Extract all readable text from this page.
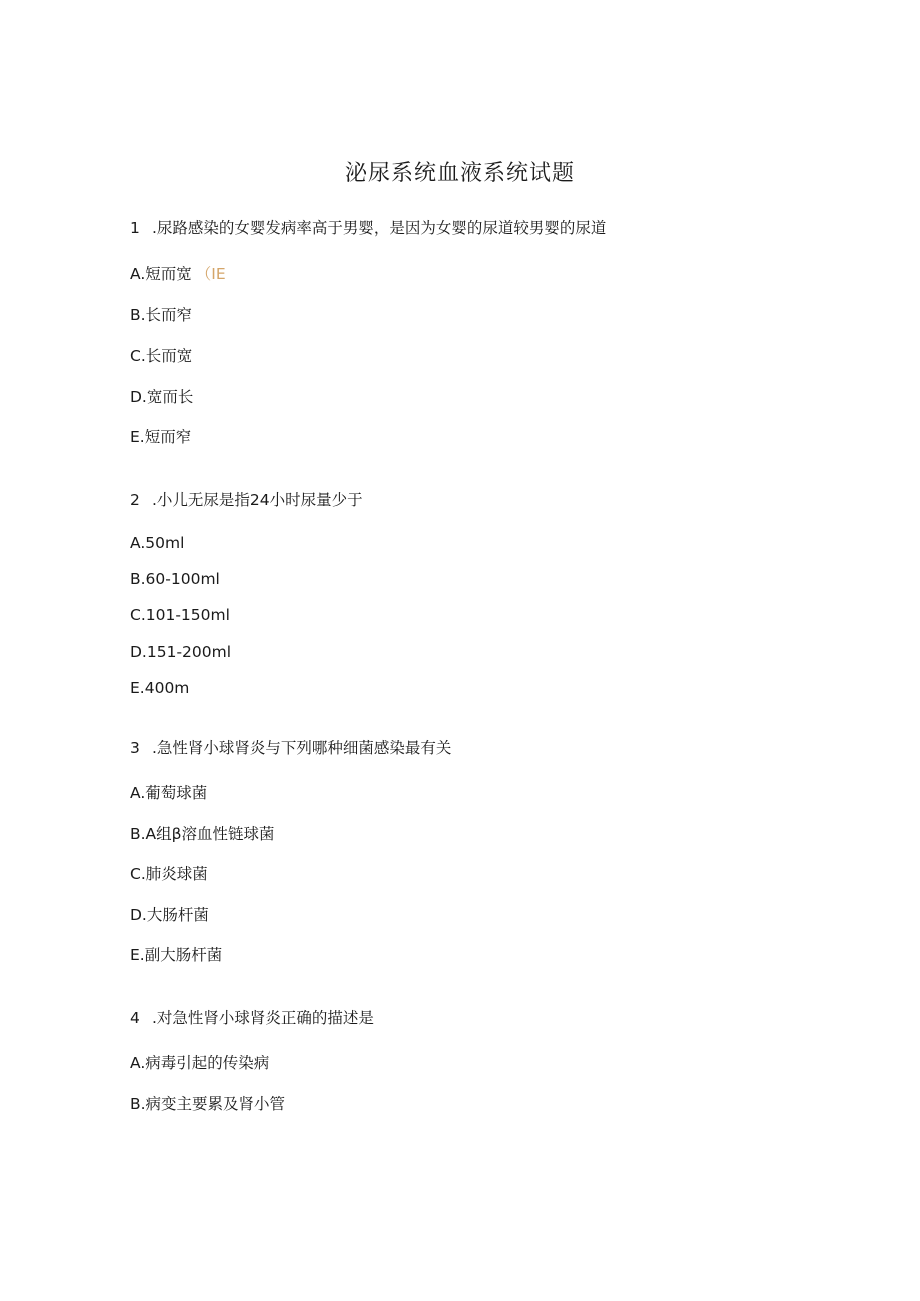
泌尿系统血液系统试题
1 .尿路感染的女婴发病率高于男婴，是因为女婴的尿道较男婴的尿道
A.短而宽 （IE
B.长而窄
C.长而宽
D.宽而长
E.短而窄
2 .小儿无尿是指24小时尿量少于
A.50ml
B.60-100ml
C.101-150ml
D.151-200ml
E.400m
3 .急性肾小球肾炎与下列哪种细菌感染最有关
A.葡萄球菌
B.A组β溶血性链球菌
C.肺炎球菌
D.大肠杆菌
E.副大肠杆菌
4 .对急性肾小球肾炎正确的描述是
A.病毒引起的传染病
B.病变主要累及肾小管
